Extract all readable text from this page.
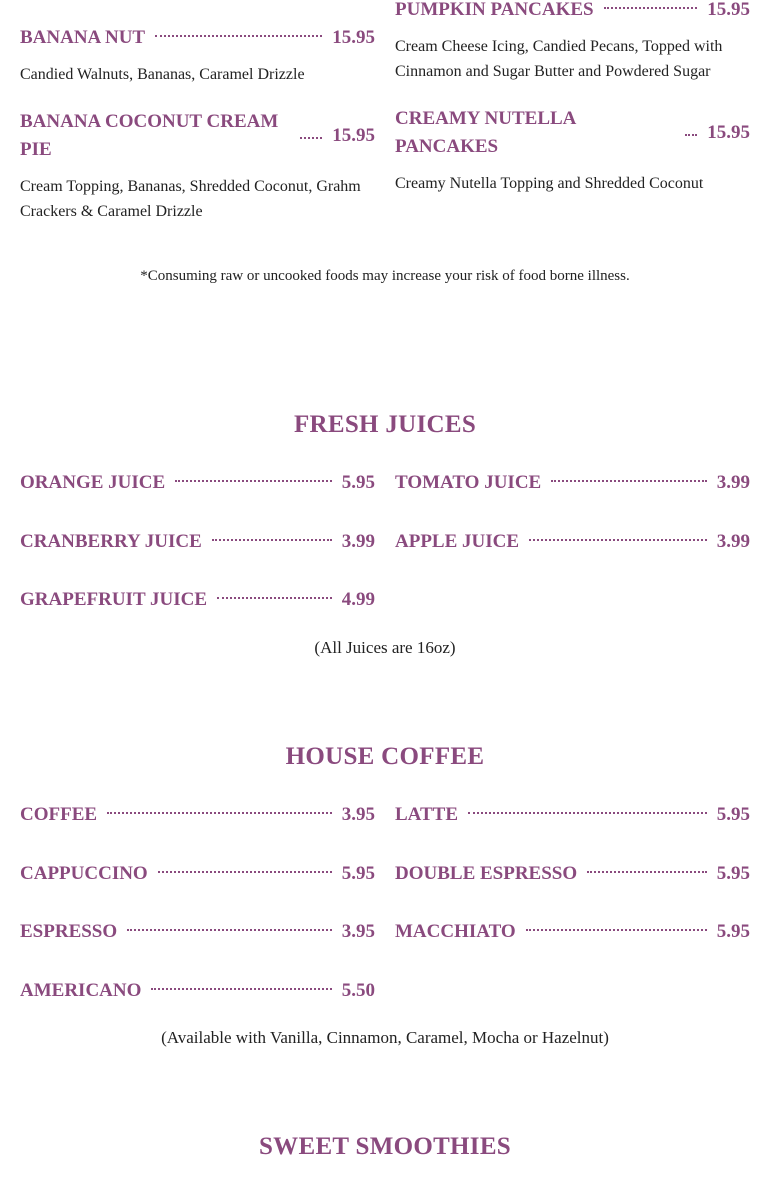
BANANA NUT	15.95
Candied Walnuts, Bananas, Caramel Drizzle
BANANA COCONUT CREAM PIE
15.95
Cream Topping, Bananas, Shredded Coconut, Grahm Crackers & Caramel Drizzle
PUMPKIN PANCAKES	15.95
Cream Cheese Icing, Candied Pecans, Topped with Cinnamon and Sugar Butter and Powdered Sugar
CREAMY NUTELLA PANCAKES
15.95
Creamy Nutella Topping and Shredded Coconut
*Consuming raw or uncooked foods may increase your risk of food borne illness.
FRESH JUICES
ORANGE JUICE	5.95
CRANBERRY JUICE	3.99
GRAPEFRUIT JUICE	4.99
TOMATO JUICE	3.99
APPLE JUICE	3.99
(All Juices are 16oz)
HOUSE COFFEE
COFFEE	3.95
CAPPUCCINO	5.95
ESPRESSO	3.95
AMERICANO	5.50
LATTE	5.95
DOUBLE ESPRESSO	5.95
MACCHIATO	5.95
(Available with Vanilla, Cinnamon, Caramel, Mocha or Hazelnut)
SWEET SMOOTHIES
